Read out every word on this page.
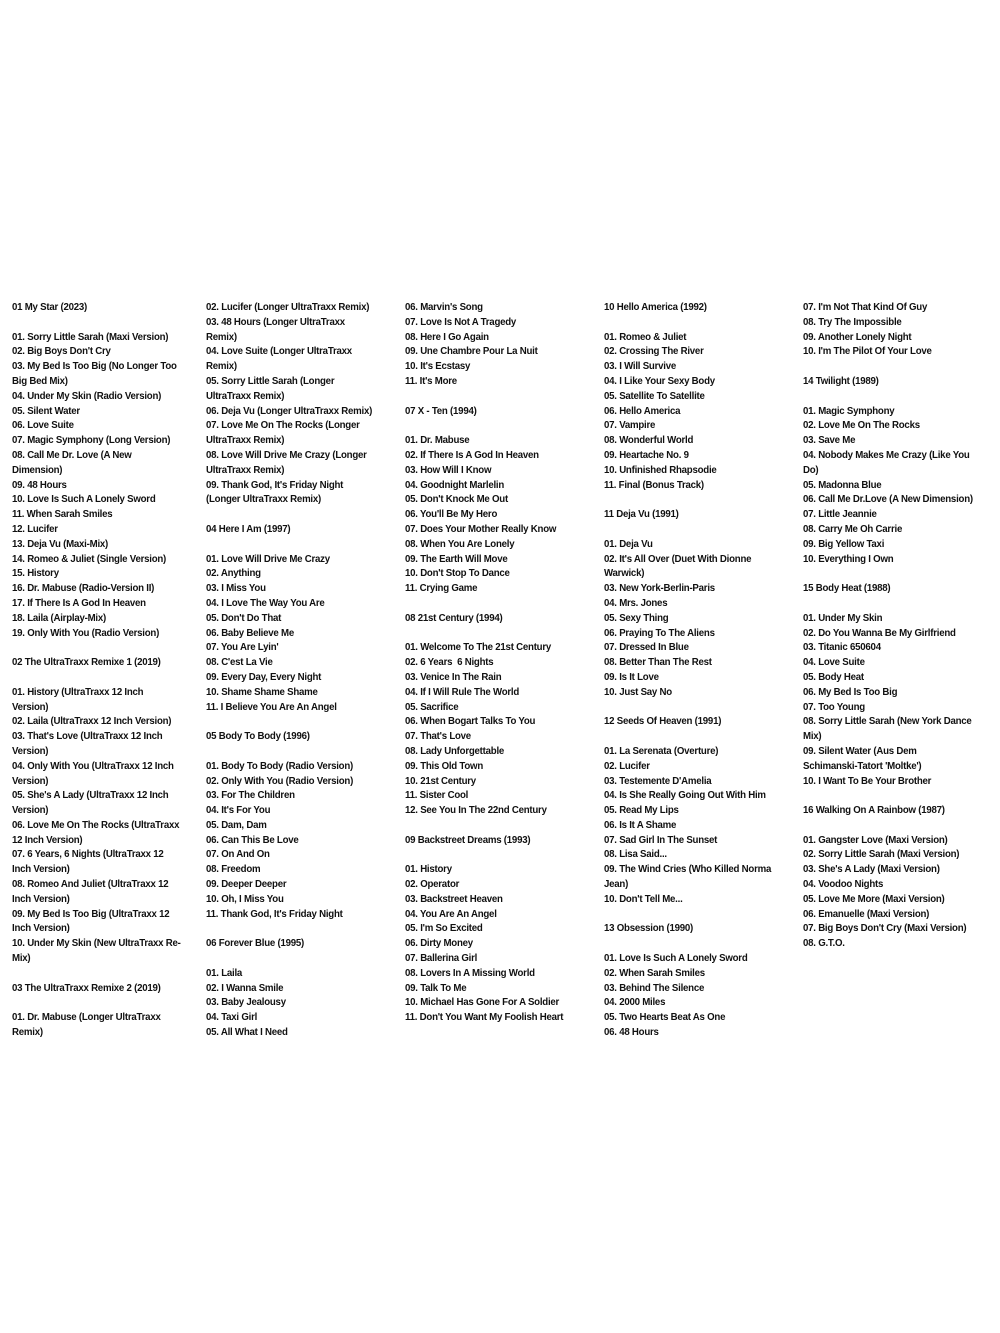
01 My Star (2023)
01. Sorry Little Sarah (Maxi Version)
02. Big Boys Don't Cry
03. My Bed Is Too Big (No Longer Too
Big Bed Mix)
04. Under My Skin (Radio Version)
05. Silent Water
06. Love Suite
07. Magic Symphony (Long Version)
08. Call Me Dr. Love (A New
Dimension)
09. 48 Hours
10. Love Is Such A Lonely Sword
11. When Sarah Smiles
12. Lucifer
13. Deja Vu (Maxi-Mix)
14. Romeo & Juliet (Single Version)
15. History
16. Dr. Mabuse (Radio-Version II)
17. If There Is A God In Heaven
18. Laila (Airplay-Mix)
19. Only With You (Radio Version)
02 The UltraTraxx Remixe 1 (2019)
01. History (UltraTraxx 12 Inch
Version)
02. Laila (UltraTraxx 12 Inch Version)
03. That's Love (UltraTraxx 12 Inch
Version)
04. Only With You (UltraTraxx 12 Inch
Version)
05. She's A Lady (UltraTraxx 12 Inch
Version)
06. Love Me On The Rocks (UltraTraxx
12 Inch Version)
07. 6 Years, 6 Nights (UltraTraxx 12
Inch Version)
08. Romeo And Juliet (UltraTraxx 12
Inch Version)
09. My Bed Is Too Big (UltraTraxx 12
Inch Version)
10. Under My Skin (New UltraTraxx Re-
Mix)
03 The UltraTraxx Remixe 2 (2019)
01. Dr. Mabuse (Longer UltraTraxx
Remix)
02. Lucifer (Longer UltraTraxx Remix)
03. 48 Hours (Longer UltraTraxx
Remix)
04. Love Suite (Longer UltraTraxx
Remix)
05. Sorry Little Sarah (Longer
UltraTraxx Remix)
06. Deja Vu (Longer UltraTraxx Remix)
07. Love Me On The Rocks (Longer
UltraTraxx Remix)
08. Love Will Drive Me Crazy (Longer
UltraTraxx Remix)
09. Thank God, It's Friday Night
(Longer UltraTraxx Remix)
04 Here I Am (1997)
01. Love Will Drive Me Crazy
02. Anything
03. I Miss You
04. I Love The Way You Are
05. Don't Do That
06. Baby Believe Me
07. You Are Lyin'
08. C'est La Vie
09. Every Day, Every Night
10. Shame Shame Shame
11. I Believe You Are An Angel
05 Body To Body (1996)
01. Body To Body (Radio Version)
02. Only With You (Radio Version)
03. For The Children
04. It's For You
05. Dam, Dam
06. Can This Be Love
07. On And On
08. Freedom
09. Deeper Deeper
10. Oh, I Miss You
11. Thank God, It's Friday Night
06 Forever Blue (1995)
01. Laila
02. I Wanna Smile
03. Baby Jealousy
04. Taxi Girl
05. All What I Need
06. Marvin's Song
07. Love Is Not A Tragedy
08. Here I Go Again
09. Une Chambre Pour La Nuit
10. It's Ecstasy
11. It's More
07 X - Ten (1994)
01. Dr. Mabuse
02. If There Is A God In Heaven
03. How Will I Know
04. Goodnight Marlelin
05. Don't Knock Me Out
06. You'll Be My Hero
07. Does Your Mother Really Know
08. When You Are Lonely
09. The Earth Will Move
10. Don't Stop To Dance
11. Crying Game
08 21st Century (1994)
01. Welcome To The 21st Century
02. 6 Years  6 Nights
03. Venice In The Rain
04. If I Will Rule The World
05. Sacrifice
06. When Bogart Talks To You
07. That's Love
08. Lady Unforgettable
09. This Old Town
10. 21st Century
11. Sister Cool
12. See You In The 22nd Century
09 Backstreet Dreams (1993)
01. History
02. Operator
03. Backstreet Heaven
04. You Are An Angel
05. I'm So Excited
06. Dirty Money
07. Ballerina Girl
08. Lovers In A Missing World
09. Talk To Me
10. Michael Has Gone For A Soldier
11. Don't You Want My Foolish Heart
10 Hello America (1992)
01. Romeo & Juliet
02. Crossing The River
03. I Will Survive
04. I Like Your Sexy Body
05. Satellite To Satellite
06. Hello America
07. Vampire
08. Wonderful World
09. Heartache No. 9
10. Unfinished Rhapsodie
11. Final (Bonus Track)
11 Deja Vu (1991)
01. Deja Vu
02. It's All Over (Duet With Dionne
Warwick)
03. New York-Berlin-Paris
04. Mrs. Jones
05. Sexy Thing
06. Praying To The Aliens
07. Dressed In Blue
08. Better Than The Rest
09. Is It Love
10. Just Say No
12 Seeds Of Heaven (1991)
01. La Serenata (Overture)
02. Lucifer
03. Testemente D'Amelia
04. Is She Really Going Out With Him
05. Read My Lips
06. Is It A Shame
07. Sad Girl In The Sunset
08. Lisa Said...
09. The Wind Cries (Who Killed Norma
Jean)
10. Don't Tell Me...
13 Obsession (1990)
01. Love Is Such A Lonely Sword
02. When Sarah Smiles
03. Behind The Silence
04. 2000 Miles
05. Two Hearts Beat As One
06. 48 Hours
07. I'm Not That Kind Of Guy
08. Try The Impossible
09. Another Lonely Night
10. I'm The Pilot Of Your Love
14 Twilight (1989)
01. Magic Symphony
02. Love Me On The Rocks
03. Save Me
04. Nobody Makes Me Crazy (Like You
Do)
05. Madonna Blue
06. Call Me Dr.Love (A New Dimension)
07. Little Jeannie
08. Carry Me Oh Carrie
09. Big Yellow Taxi
10. Everything I Own
15 Body Heat (1988)
01. Under My Skin
02. Do You Wanna Be My Girlfriend
03. Titanic 650604
04. Love Suite
05. Body Heat
06. My Bed Is Too Big
07. Too Young
08. Sorry Little Sarah (New York Dance
Mix)
09. Silent Water (Aus Dem
Schimanski-Tatort 'Moltke')
10. I Want To Be Your Brother
16 Walking On A Rainbow (1987)
01. Gangster Love (Maxi Version)
02. Sorry Little Sarah (Maxi Version)
03. She's A Lady (Maxi Version)
04. Voodoo Nights
05. Love Me More (Maxi Version)
06. Emanuelle (Maxi Version)
07. Big Boys Don't Cry (Maxi Version)
08. G.T.O.
